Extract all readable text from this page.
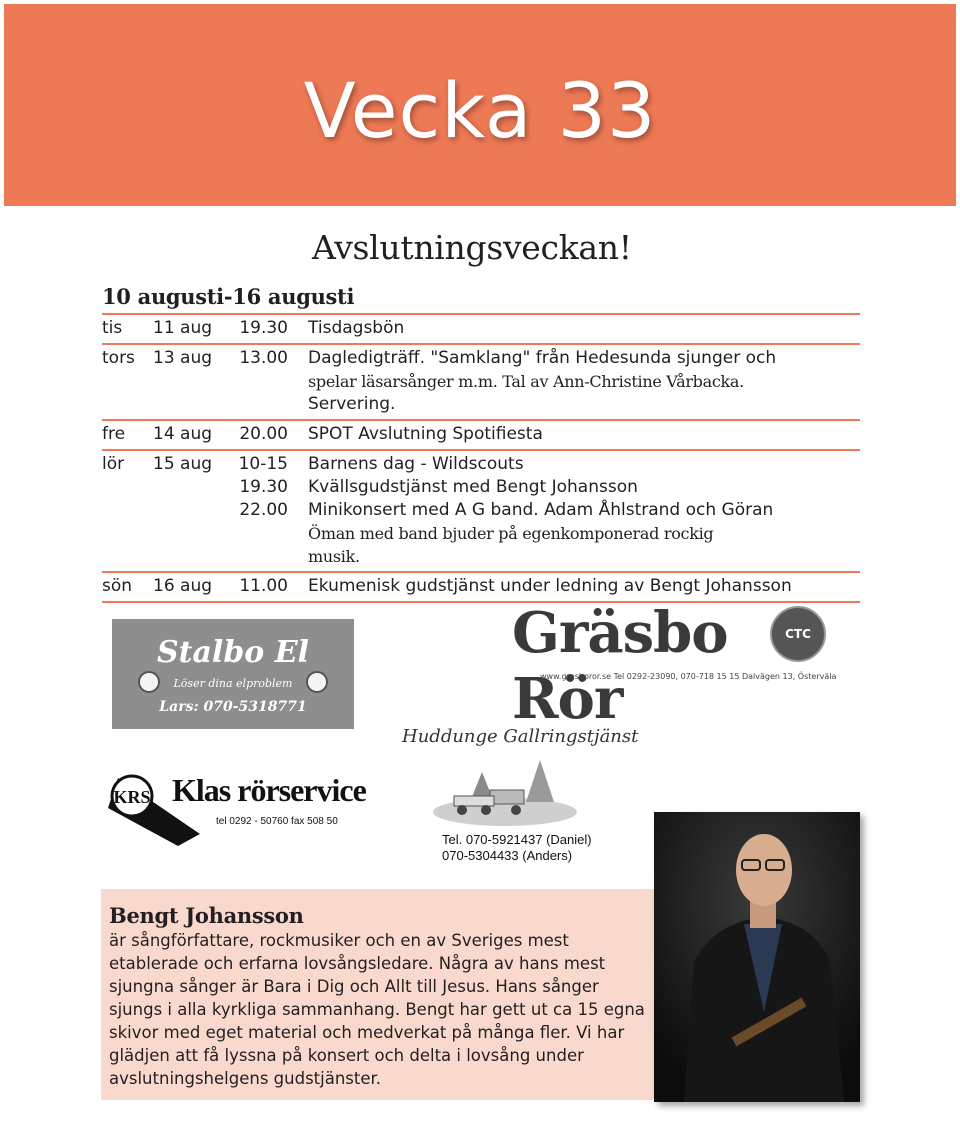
Vecka 33
Avslutningsveckan!
10 augusti-16 augusti
tis 11 aug 19.30 Tisdagsbön
tors 13 aug 13.00 Dagledigträff. "Samklang" från Hedesunda sjunger och
spelar läsarsånger m.m. Tal av Ann-Christine Vårbacka.
Servering.
fre 14 aug 20.00 SPOT Avslutning Spotifiesta
lör 15 aug 10-15 Barnens dag - Wildscouts
19.30 Kvällsgudstjänst med Bengt Johansson
22.00 Minikonsert med A G band. Adam Åhlstrand och Göran
Öman med band bjuder på egenkomponerad rockig
musik.
sön 16 aug 11.00 Ekumenisk gudstjänst under ledning av Bengt Johansson
Stalbo El
Löser dina elproblem
Lars: 070-5318771
Gräsbo Rör
CTC
www.grasboror.se Tel 0292-23090, 070-718 15 15 Dalvägen 13, Österväla
Huddunge Gallringstjänst
Tel. 070-5921437 (Daniel)
070-5304433 (Anders)
KRS Klas rörservice
tel 0292 - 50760 fax 508 50
Bengt Johansson
är sångförfattare, rockmusiker och en av Sveriges mest etablerade och erfarna lovsångsledare. Några av hans mest sjungna sånger är Bara i Dig och Allt till Jesus. Hans sånger sjungs i alla kyrkliga sammanhang. Bengt har gett ut ca 15 egna skivor med eget material och medverkat på många fler. Vi har glädjen att få lyssna på konsert och delta i lovsång under avslutningshelgens gudstjänster.
